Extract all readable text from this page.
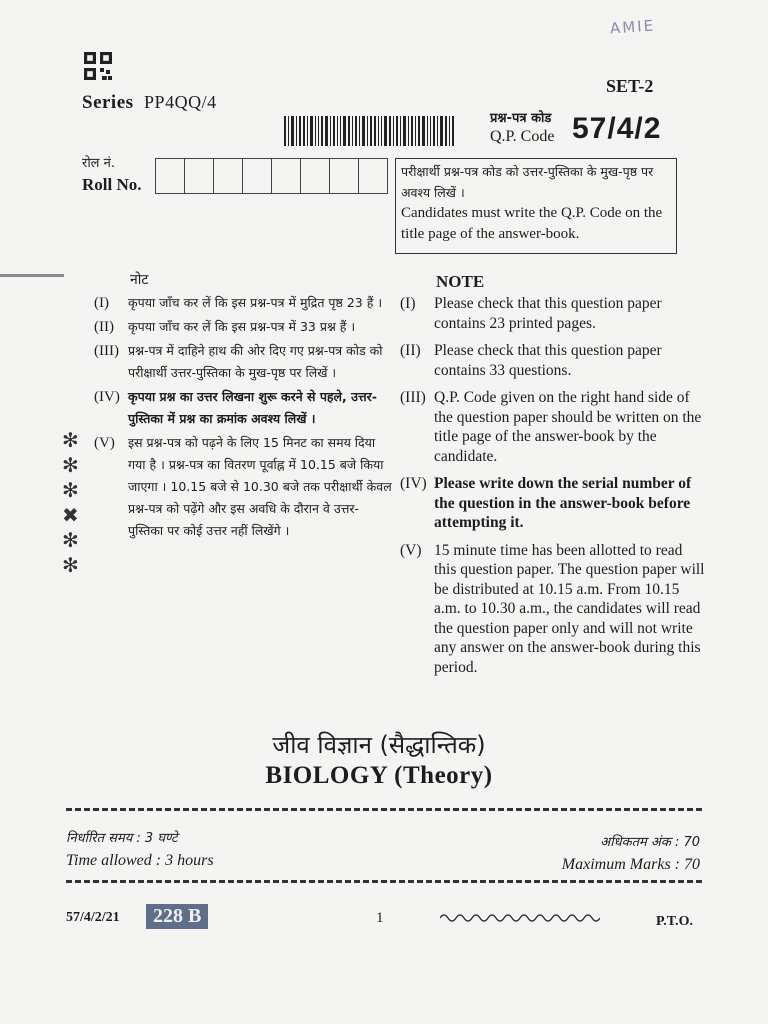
AMIE
SET-2
Series PP4QQ/4
प्रश्न-पत्र कोड
Q.P. Code 57/4/2
रोल नं.
Roll No.
परीक्षार्थी प्रश्न-पत्र कोड को उत्तर-पुस्तिका के मुख-पृष्ठ पर अवश्य लिखें ।
Candidates must write the Q.P. Code on the title page of the answer-book.
नोट	NOTE
(I)	कृपया जाँच कर लें कि इस प्रश्न-पत्र में मुद्रित पृष्ठ 23 हैं ।
(II)	कृपया जाँच कर लें कि इस प्रश्न-पत्र में 33 प्रश्न हैं ।
(III) प्रश्न-पत्र में दाहिने हाथ की ओर दिए गए प्रश्न-पत्र कोड को परीक्षार्थी उत्तर-पुस्तिका के मुख-पृष्ठ पर लिखें ।
(IV) कृपया प्रश्न का उत्तर लिखना शुरू करने से पहले, उत्तर-पुस्तिका में प्रश्न का क्रमांक अवश्य लिखें ।
(V)	इस प्रश्न-पत्र को पढ़ने के लिए 15 मिनट का समय दिया गया है । प्रश्न-पत्र का वितरण पूर्वाह्न में 10.15 बजे किया जाएगा । 10.15 बजे से 10.30 बजे तक परीक्षार्थी केवल प्रश्न-पत्र को पढ़ेंगे और इस अवधि के दौरान वे उत्तर-पुस्तिका पर कोई उत्तर नहीं लिखेंगे ।
(I)	Please check that this question paper contains 23 printed pages.
(II) Please check that this question paper contains 33 questions.
(III) Q.P. Code given on the right hand side of the question paper should be written on the title page of the answer-book by the candidate.
(IV) Please write down the serial number of the question in the answer-book before attempting it.
(V) 15 minute time has been allotted to read this question paper. The question paper will be distributed at 10.15 a.m. From 10.15 a.m. to 10.30 a.m., the candidates will read the question paper only and will not write any answer on the answer-book during this period.
✻
✻
✻
✖
✻
✻
जीव विज्ञान (सैद्धान्तिक)
BIOLOGY (Theory)
निर्धारित समय : 3 घण्टे
Time allowed : 3 hours
अधिकतम अंक : 70
Maximum Marks : 70
57/4/2/21	228 B	1	P.T.O.
